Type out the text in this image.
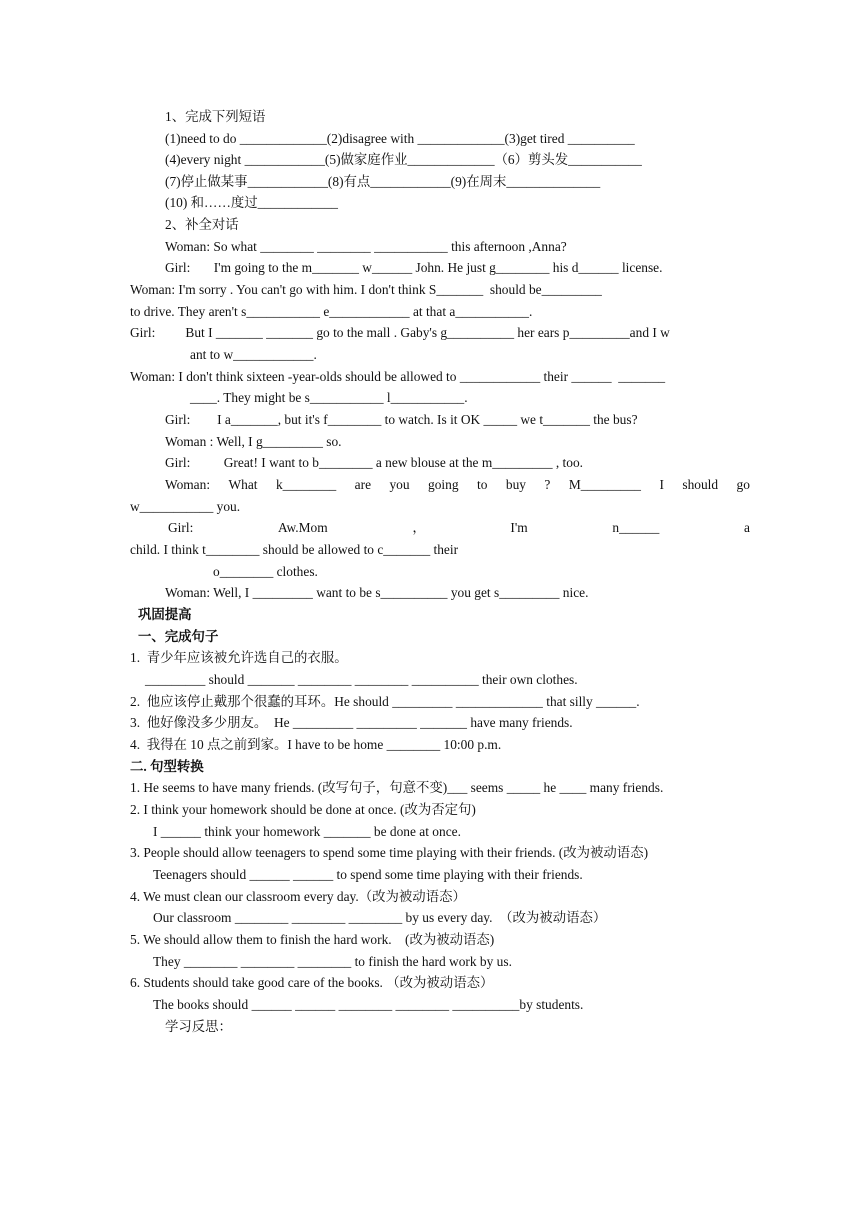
1、完成下列短语
(1)need to do _____________(2)disagree with _____________(3)get tired __________
(4)every night ____________(5)做家庭作业_____________（6）剪头发___________
(7)停止做某事____________(8)有点____________(9)在周末______________
(10) 和……度过____________
2、补全对话
Woman: So what ________ ________ ___________ this afternoon ,Anna?
Girl:       I'm going to the m_______ w______ John. He just g________ his d______ license.
Woman: I'm sorry . You can't go with him. I don't think S_______  should be_________
to drive. They aren't s___________ e____________ at that a___________.
Girl:         But I _______ _______ go to the mall . Gaby's g__________ her ears p_________and I w
ant to w____________.
Woman: I don't think sixteen -year-olds should be allowed to ____________ their ______  _______
____. They might be s___________ l___________.
Girl:        I a_______, but it's f________ to watch. Is it OK _____ we t_______ the bus?
Woman : Well, I g_________ so.
Girl:          Great! I want to b________ a new blouse at the m_________ , too.
Woman: What k________ are you going to buy ? M_________ I should go
w___________ you.
Girl:	Aw.Mom	，	I'm	n______	a
child. I think t________ should be allowed to c_______ their
o________ clothes.
Woman: Well, I _________ want to be s__________ you get s_________ nice.
巩固提高
一、完成句子
1.  青少年应该被允许选自己的衣服。
_________ should _______ ________ ________ __________ their own clothes.
2.  他应该停止戴那个很蠢的耳环。He should _________ _____________ that silly ______.
3.  他好像没多少朋友。  He _________ _________ _______ have many friends.
4.  我得在 10 点之前到家。I have to be home ________ 10:00 p.m.
二. 句型转换
1. He seems to have many friends. (改写句子，句意不变)___ seems _____ he ____ many friends.
2. I think your homework should be done at once. (改为否定句)
I ______ think your homework _______ be done at once.
3. People should allow teenagers to spend some time playing with their friends. (改为被动语态)
Teenagers should ______ ______ to spend some time playing with their friends.
4. We must clean our classroom every day.（改为被动语态）
Our classroom ________ ________ ________ by us every day.  （改为被动语态）
5. We should allow them to finish the hard work.    (改为被动语态)
They ________ ________ ________ to finish the hard work by us.
6. Students should take good care of the books. （改为被动语态）
The books should ______ ______ ________ ________ __________by students.
学习反思：
